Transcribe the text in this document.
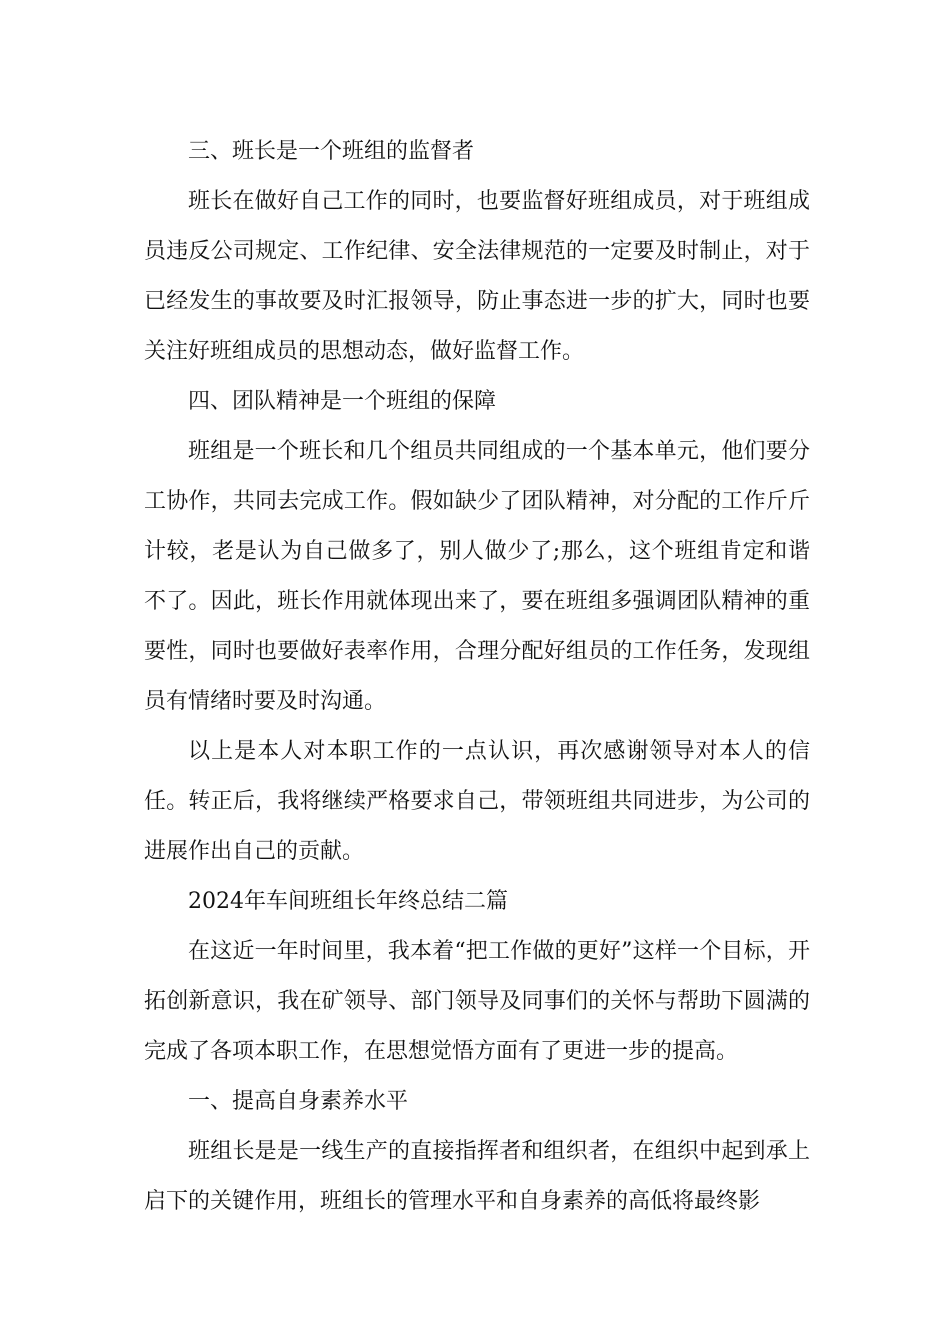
三、班长是一个班组的监督者

班长在做好自己工作的同时，也要监督好班组成员，对于班组成员违反公司规定、工作纪律、安全法律规范的一定要及时制止，对于已经发生的事故要及时汇报领导，防止事态进一步的扩大，同时也要关注好班组成员的思想动态，做好监督工作。

四、团队精神是一个班组的保障

班组是一个班长和几个组员共同组成的一个基本单元，他们要分工协作，共同去完成工作。假如缺少了团队精神，对分配的工作斤斤计较，老是认为自己做多了，别人做少了;那么，这个班组肯定和谐不了。因此，班长作用就体现出来了，要在班组多强调团队精神的重要性，同时也要做好表率作用，合理分配好组员的工作任务，发现组员有情绪时要及时沟通。

以上是本人对本职工作的一点认识，再次感谢领导对本人的信任。转正后，我将继续严格要求自己，带领班组共同进步，为公司的进展作出自己的贡献。

2024年车间班组长年终总结二篇

在这近一年时间里，我本着“把工作做的更好”这样一个目标，开拓创新意识，我在矿领导、部门领导及同事们的关怀与帮助下圆满的完成了各项本职工作，在思想觉悟方面有了更进一步的提高。

一、提高自身素养水平

班组长是是一线生产的直接指挥者和组织者，在组织中起到承上启下的关键作用，班组长的管理水平和自身素养的高低将最终影
